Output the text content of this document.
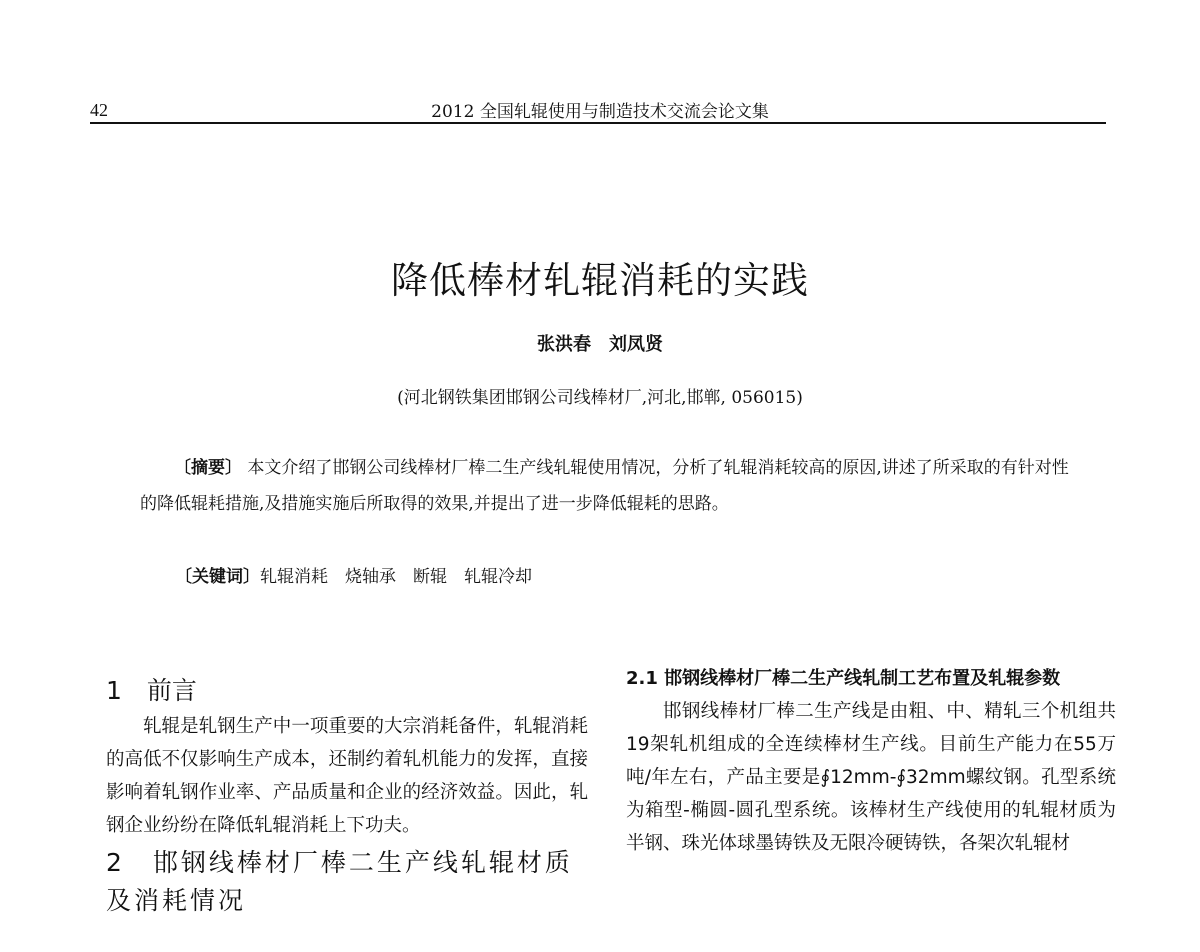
42	2012 全国轧辊使用与制造技术交流会论文集
降低棒材轧辊消耗的实践
张洪春　刘凤贤
(河北钢铁集团邯钢公司线棒材厂,河北,邯郸, 056015)
〔摘要〕 本文介绍了邯钢公司线棒材厂棒二生产线轧辊使用情况，分析了轧辊消耗较高的原因,讲述了所采取的有针对性的降低辊耗措施,及措施实施后所取得的效果,并提出了进一步降低辊耗的思路。
〔关键词〕轧辊消耗　烧轴承　断辊　轧辊冷却
1　前言
轧辊是轧钢生产中一项重要的大宗消耗备件，轧辊消耗的高低不仅影响生产成本，还制约着轧机能力的发挥，直接影响着轧钢作业率、产品质量和企业的经济效益。因此，轧钢企业纷纷在降低轧辊消耗上下功夫。
2　邯钢线棒材厂棒二生产线轧辊材质及消耗情况
2.1 邯钢线棒材厂棒二生产线轧制工艺布置及轧辊参数
邯钢线棒材厂棒二生产线是由粗、中、精轧三个机组共19架轧机组成的全连续棒材生产线。目前生产能力在55万吨/年左右，产品主要是∮12mm-∮32mm螺纹钢。孔型系统为箱型-椭圆-圆孔型系统。该棒材生产线使用的轧辊材质为半钢、珠光体球墨铸铁及无限冷硬铸铁，各架次轧辊材
